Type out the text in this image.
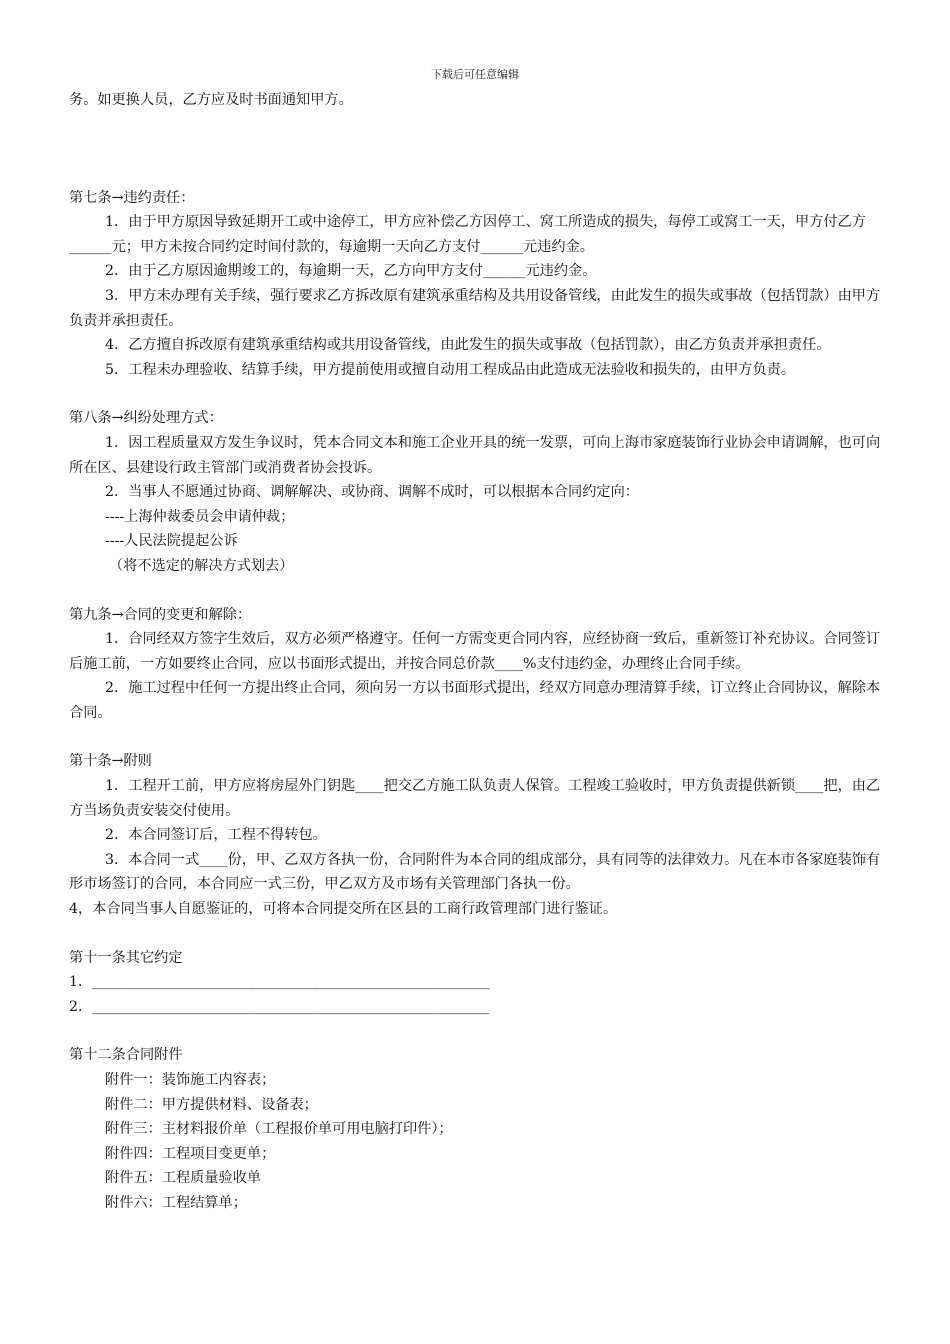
下载后可任意编辑

务。如更换人员，乙方应及时书面通知甲方。

第七条→违约责任：

1．由于甲方原因导致延期开工或中途停工，甲方应补偿乙方因停工、窝工所造成的损失，每停工或窝工一天，甲方付乙方______元；甲方未按合同约定时间付款的，每逾期一天向乙方支付______元违约金。

2．由于乙方原因逾期竣工的，每逾期一天，乙方向甲方支付______元违约金。

3．甲方未办理有关手续，强行要求乙方拆改原有建筑承重结构及共用设备管线，由此发生的损失或事故（包括罚款）由甲方负责并承担责任。

4．乙方擅自拆改原有建筑承重结构或共用设备管线，由此发生的损失或事故（包括罚款），由乙方负责并承担责任。

5．工程未办理验收、结算手续，甲方提前使用或擅自动用工程成品由此造成无法验收和损失的，由甲方负责。

第八条→纠纷处理方式：

1．因工程质量双方发生争议时，凭本合同文本和施工企业开具的统一发票，可向上海市家庭装饰行业协会申请调解，也可向所在区、县建设行政主管部门或消费者协会投诉。

2．当事人不愿通过协商、调解解决、或协商、调解不成时，可以根据本合同约定向：

----上海仲裁委员会申请仲裁；

----人民法院提起公诉

（将不选定的解决方式划去）

第九条→合同的变更和解除：

1．合同经双方签字生效后，双方必须严格遵守。任何一方需变更合同内容，应经协商一致后，重新签订补充协议。合同签订后施工前，一方如要终止合同，应以书面形式提出，并按合同总价款____%支付违约金，办理终止合同手续。

2．施工过程中任何一方提出终止合同，须向另一方以书面形式提出，经双方同意办理清算手续，订立终止合同协议，解除本合同。

第十条→附则

1．工程开工前，甲方应将房屋外门钥匙____把交乙方施工队负责人保管。工程竣工验收时，甲方负责提供新锁____把，由乙方当场负责安装交付使用。

2．本合同签订后，工程不得转包。

3．本合同一式____份，甲、乙双方各执一份，合同附件为本合同的组成部分，具有同等的法律效力。凡在本市各家庭装饰有形市场签订的合同，本合同应一式三份，甲乙双方及市场有关管理部门各执一份。

4，本合同当事人自愿鉴证的，可将本合同提交所在区县的工商行政管理部门进行鉴证。

第十一条其它约定

1．________________________________________________________

2．________________________________________________________

第十二条合同附件

附件一：装饰施工内容表；

附件二：甲方提供材料、设备表；

附件三：主材料报价单（工程报价单可用电脑打印件）；

附件四：工程项目变更单；

附件五：工程质量验收单

附件六：工程结算单；
